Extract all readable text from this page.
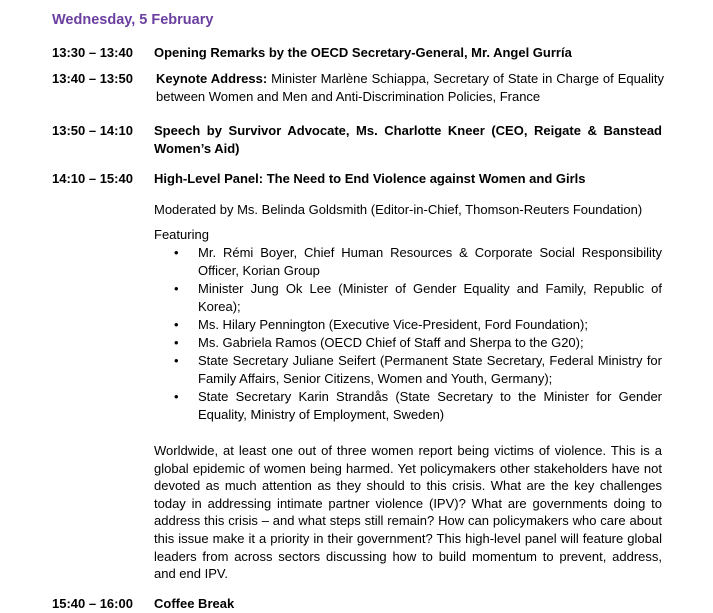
Wednesday, 5 February
13:30 – 13:40	Opening Remarks by the OECD Secretary-General, Mr. Angel Gurría
13:40 – 13:50	Keynote Address: Minister Marlène Schiappa, Secretary of State in Charge of Equality between Women and Men and Anti-Discrimination Policies, France
13:50 – 14:10	Speech by Survivor Advocate, Ms. Charlotte Kneer (CEO, Reigate & Banstead Women’s Aid)
14:10 – 15:40	High-Level Panel: The Need to End Violence against Women and Girls
Moderated by Ms. Belinda Goldsmith (Editor-in-Chief, Thomson-Reuters Foundation)
Featuring
• Mr. Rémi Boyer, Chief Human Resources & Corporate Social Responsibility Officer, Korian Group
• Minister Jung Ok Lee (Minister of Gender Equality and Family, Republic of Korea);
• Ms. Hilary Pennington (Executive Vice-President, Ford Foundation);
• Ms. Gabriela Ramos (OECD Chief of Staff and Sherpa to the G20);
• State Secretary Juliane Seifert (Permanent State Secretary, Federal Ministry for Family Affairs, Senior Citizens, Women and Youth, Germany);
• State Secretary Karin Strandås (State Secretary to the Minister for Gender Equality, Ministry of Employment, Sweden)
Worldwide, at least one out of three women report being victims of violence. This is a global epidemic of women being harmed. Yet policymakers other stakeholders have not devoted as much attention as they should to this crisis. What are the key challenges today in addressing intimate partner violence (IPV)? What are governments doing to address this crisis – and what steps still remain? How can policymakers who care about this issue make it a priority in their government? This high-level panel will feature global leaders from across sectors discussing how to build momentum to prevent, address, and end IPV.
15:40 – 16:00	Coffee Break
